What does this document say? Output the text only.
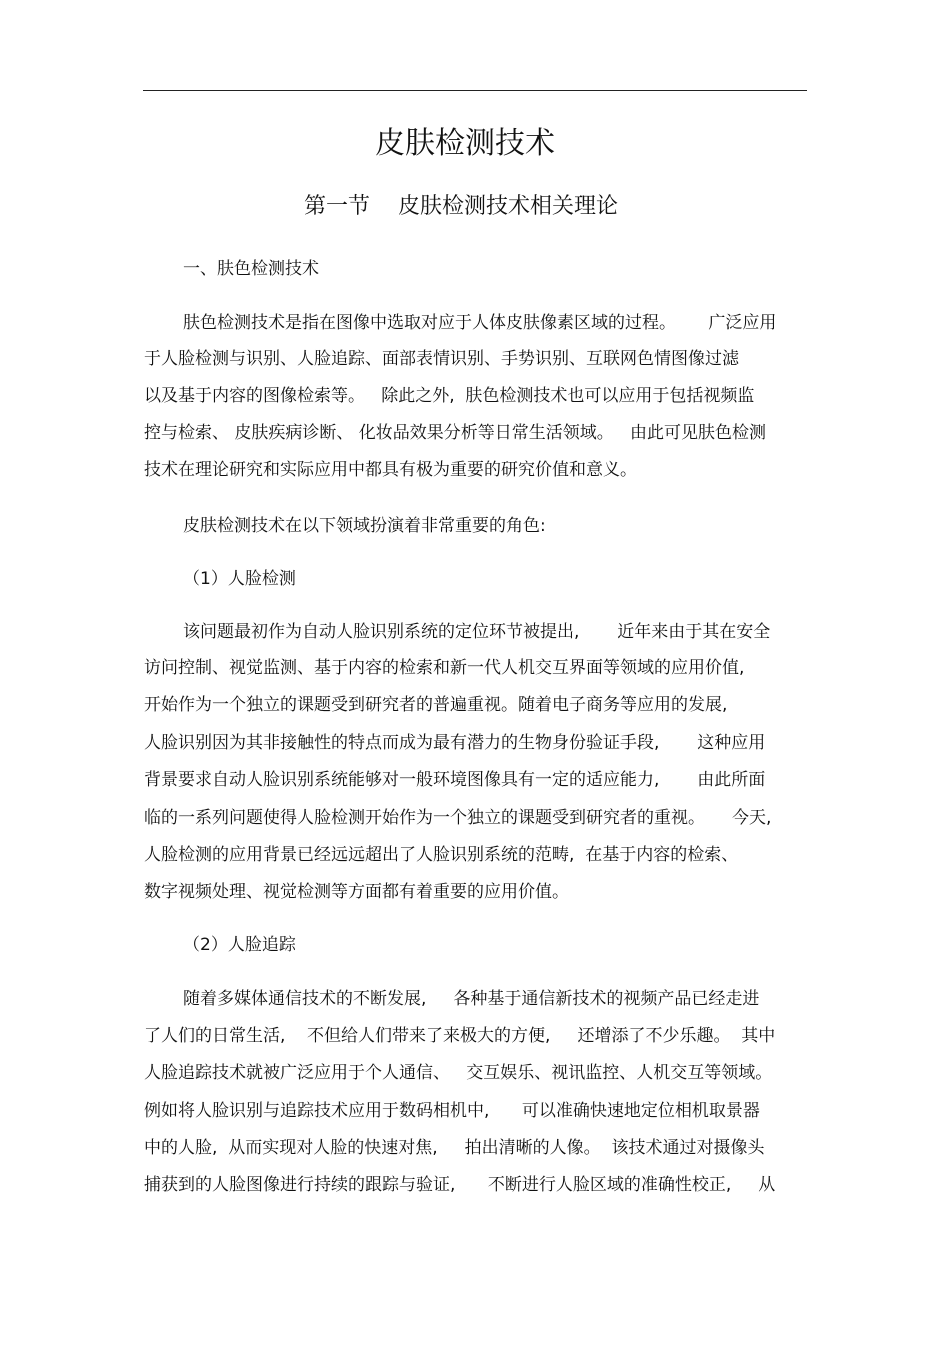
皮肤检测技术
第一节    皮肤检测技术相关理论
一、肤色检测技术
肤色检测技术是指在图像中选取对应于人体皮肤像素区域的过程。      广泛应用
于人脸检测与识别、人脸追踪、面部表情识别、手势识别、互联网色情图像过滤
以及基于内容的图像检索等。   除此之外,  肤色检测技术也可以应用于包括视频监
控与检索、 皮肤疾病诊断、 化妆品效果分析等日常生活领域。   由此可见肤色检测
技术在理论研究和实际应用中都具有极为重要的研究价值和意义。
皮肤检测技术在以下领域扮演着非常重要的角色:
（1）人脸检测
该问题最初作为自动人脸识别系统的定位环节被提出,       近年来由于其在安全
访问控制、视觉监测、基于内容的检索和新一代人机交互界面等领域的应用价值,
开始作为一个独立的课题受到研究者的普遍重视。随着电子商务等应用的发展,
人脸识别因为其非接触性的特点而成为最有潜力的生物身份验证手段,       这种应用
背景要求自动人脸识别系统能够对一般环境图像具有一定的适应能力,       由此所面
临的一系列问题使得人脸检测开始作为一个独立的课题受到研究者的重视。     今天,
人脸检测的应用背景已经远远超出了人脸识别系统的范畴,  在基于内容的检索、
数字视频处理、视觉检测等方面都有着重要的应用价值。
（2）人脸追踪
随着多媒体通信技术的不断发展,     各种基于通信新技术的视频产品已经走进
了人们的日常生活,    不但给人们带来了来极大的方便,     还增添了不少乐趣。  其中
人脸追踪技术就被广泛应用于个人通信、   交互娱乐、视讯监控、人机交互等领域。
例如将人脸识别与追踪技术应用于数码相机中,      可以准确快速地定位相机取景器
中的人脸,  从而实现对人脸的快速对焦,     拍出清晰的人像。  该技术通过对摄像头
捕获到的人脸图像进行持续的跟踪与验证,      不断进行人脸区域的准确性校正,     从
